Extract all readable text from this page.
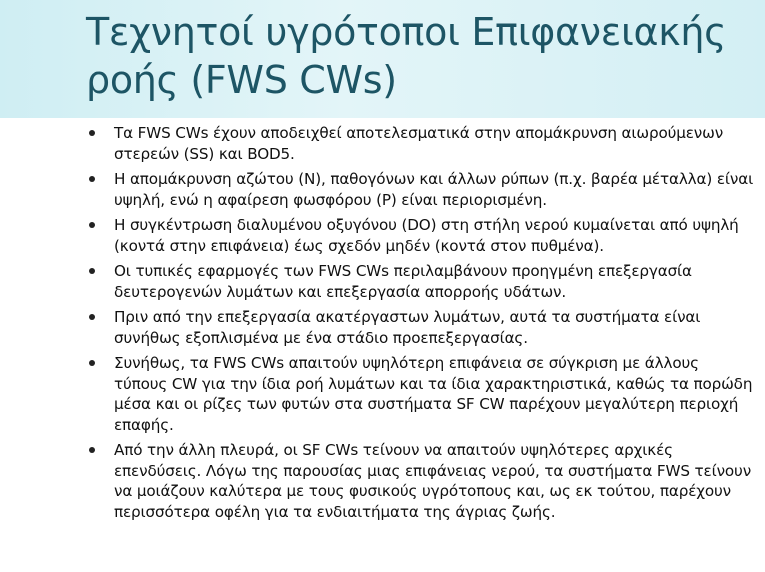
Τεχνητοί υγρότοποι Επιφανειακής ροής (FWS CWs)
Τα FWS CWs έχουν αποδειχθεί αποτελεσματικά στην απομάκρυνση αιωρούμενων στερεών (SS) και BOD5.
Η απομάκρυνση αζώτου (N), παθογόνων και άλλων ρύπων (π.χ. βαρέα μέταλλα) είναι υψηλή, ενώ η αφαίρεση φωσφόρου (P) είναι περιορισμένη.
Η συγκέντρωση διαλυμένου οξυγόνου (DO) στη στήλη νερού κυμαίνεται από υψηλή (κοντά στην επιφάνεια) έως σχεδόν μηδέν (κοντά στον πυθμένα).
Οι τυπικές εφαρμογές των FWS CWs περιλαμβάνουν προηγμένη επεξεργασία δευτερογενών λυμάτων και επεξεργασία απορροής υδάτων.
Πριν από την επεξεργασία ακατέργαστων λυμάτων, αυτά τα συστήματα είναι συνήθως εξοπλισμένα με ένα στάδιο προεπεξεργασίας.
Συνήθως, τα FWS CWs απαιτούν υψηλότερη επιφάνεια σε σύγκριση με άλλους τύπους CW για την ίδια ροή λυμάτων και τα ίδια χαρακτηριστικά, καθώς τα πορώδη μέσα και οι ρίζες των φυτών στα συστήματα SF CW παρέχουν μεγαλύτερη περιοχή επαφής.
Από την άλλη πλευρά, οι SF CWs τείνουν να απαιτούν υψηλότερες αρχικές επενδύσεις. Λόγω της παρουσίας μιας επιφάνειας νερού, τα συστήματα FWS τείνουν να μοιάζουν καλύτερα με τους φυσικούς υγρότοπους και, ως εκ τούτου, παρέχουν περισσότερα οφέλη για τα ενδιαιτήματα της άγριας ζωής.
